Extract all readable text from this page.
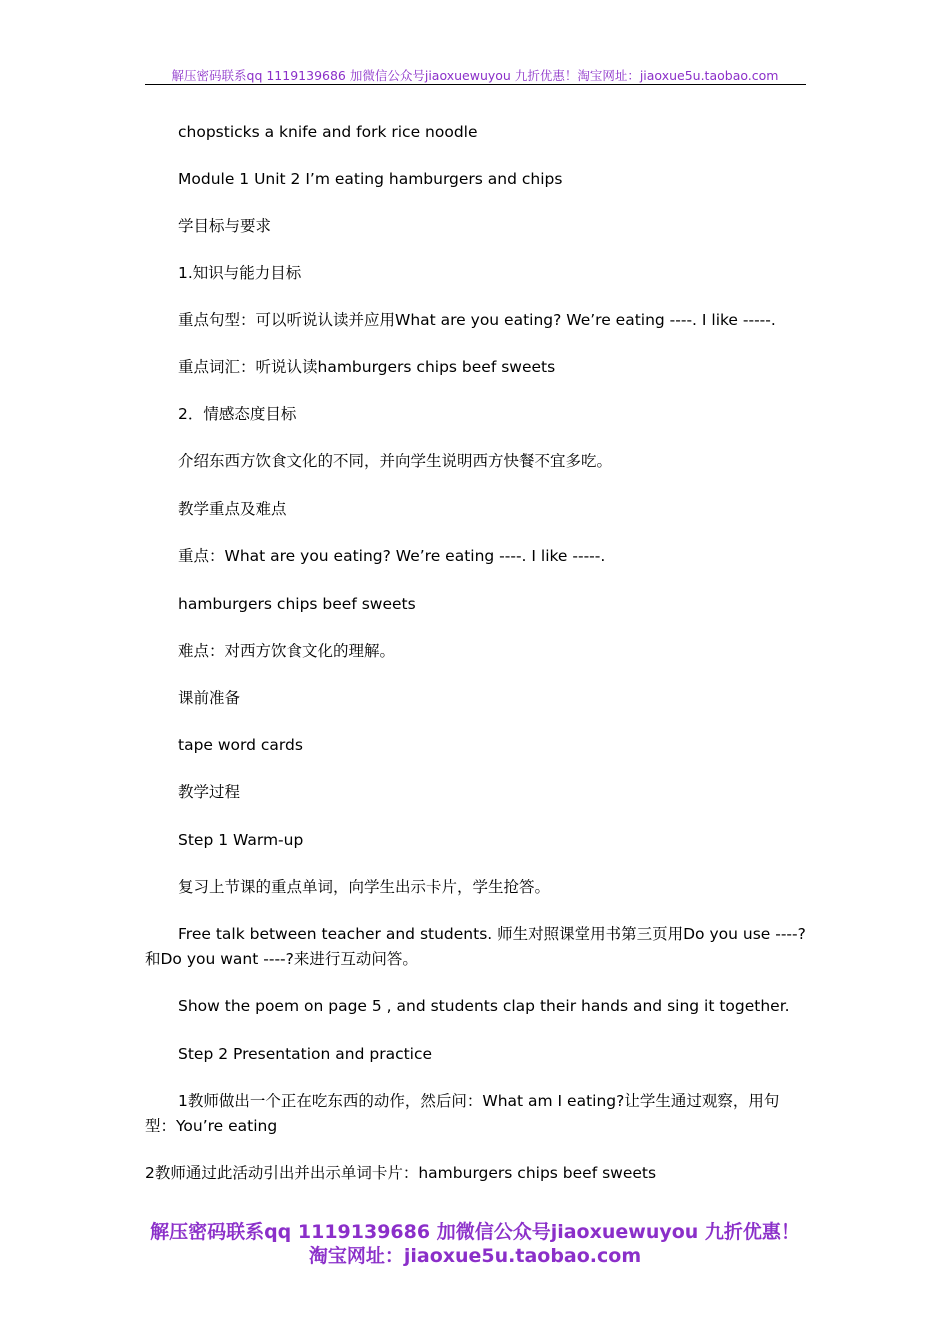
解压密码联系qq 1119139686 加微信公众号jiaoxuewuyou 九折优惠！淘宝网址：jiaoxue5u.taobao.com
chopsticks a knife and fork rice noodle
Module 1 Unit 2 I’m eating hamburgers and chips
学目标与要求
1.知识与能力目标
重点句型：可以听说认读并应用What are you eating? We’re eating ----. I like -----.
重点词汇：听说认读hamburgers chips beef sweets
2．情感态度目标
介绍东西方饮食文化的不同，并向学生说明西方快餐不宜多吃。
教学重点及难点
重点：What are you eating? We’re eating ----. I like -----.
hamburgers chips beef sweets
难点：对西方饮食文化的理解。
课前准备
tape word cards
教学过程
Step 1 Warm-up
复习上节课的重点单词，向学生出示卡片，学生抢答。
Free talk between teacher and students. 师生对照课堂用书第三页用Do you use ----?
和Do you want ----?来进行互动问答。
Show the poem on page 5 , and students clap their hands and sing it together.
Step 2 Presentation and practice
1教师做出一个正在吃东西的动作，然后问：What am I eating?让学生通过观察，用句
型：You’re eating
2教师通过此活动引出并出示单词卡片：hamburgers chips beef sweets
解压密码联系qq 1119139686 加微信公众号jiaoxuewuyou 九折优惠！
淘宝网址：jiaoxue5u.taobao.com
